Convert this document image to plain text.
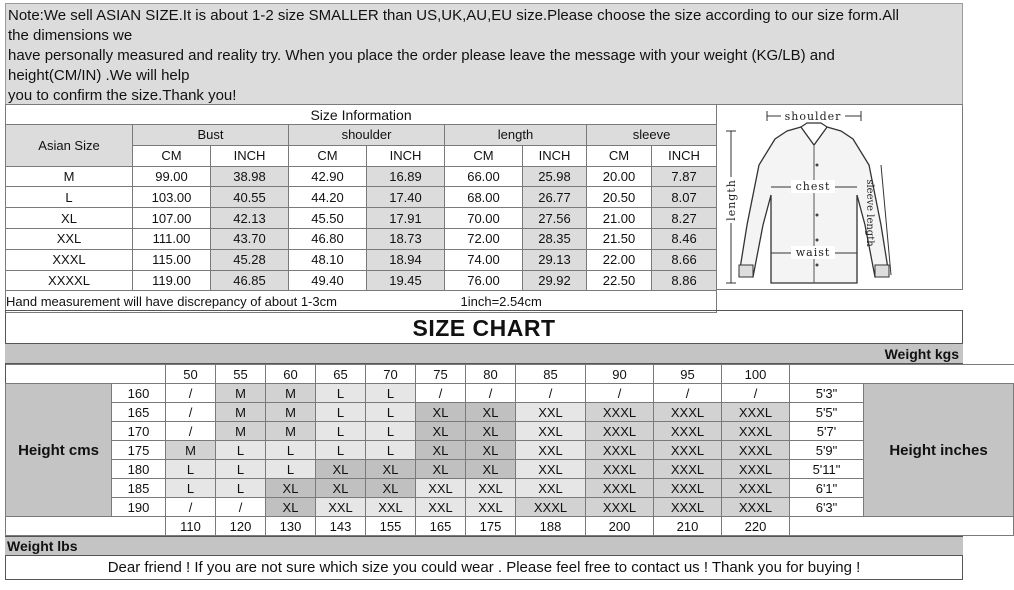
Note:We sell ASIAN SIZE.It is about 1-2 size SMALLER than US,UK,AU,EU size.Please choose the size according to our size form.All
the dimensions we
have personally measured and reality try. When you place the order please leave the message with your weight (KG/LB) and
height(CM/IN) .We will help
you to confirm the size.Thank you!
Size Information								
Asian Size	Bust		shoulder		length		sleeve	
	CM	INCH	CM	INCH	CM	INCH	CM	INCH
M	99.00	38.98	42.90	16.89	66.00	25.98	20.00	7.87
L	103.00	40.55	44.20	17.40	68.00	26.77	20.50	8.07
XL	107.00	42.13	45.50	17.91	70.00	27.56	21.00	8.27
XXL	111.00	43.70	46.80	18.73	72.00	28.35	21.50	8.46
XXXL	115.00	45.28	48.10	18.94	74.00	29.13	22.00	8.66
XXXXL	119.00	46.85	49.40	19.45	76.00	29.92	22.50	8.86
Hand measurement will have discrepancy of about 1-3cm 1inch=2.54cm								
shoulder
chest
waist
length	sleeve length
SIZE CHART
Weight kgs
		50	55	60	65	70	75	80	85	90	95	100		
Height cms	160	/	M	M	L	L	/	/	/	/	/	/	5'3"	Height inches
	165	/	M	M	L	L	XL	XL	XXL	XXXL	XXXL	XXXL	5'5"	
	170	/	M	M	L	L	XL	XL	XXL	XXXL	XXXL	XXXL	5'7'	
	175	M	L	L	L	L	XL	XL	XXL	XXXL	XXXL	XXXL	5'9"	
	180	L	L	L	XL	XL	XL	XL	XXL	XXXL	XXXL	XXXL	5'11"	
	185	L	L	XL	XL	XL	XXL	XXL	XXL	XXXL	XXXL	XXXL	6'1"	
	190	/	/	XL	XXL	XXL	XXL	XXL	XXXL	XXXL	XXXL	XXXL	6'3"	
		110	120	130	143	155	165	175	188	200	210	220		
Weight lbs
Dear friend ! If you are not sure which size you could wear . Please feel free to contact us ! Thank you for buying !
